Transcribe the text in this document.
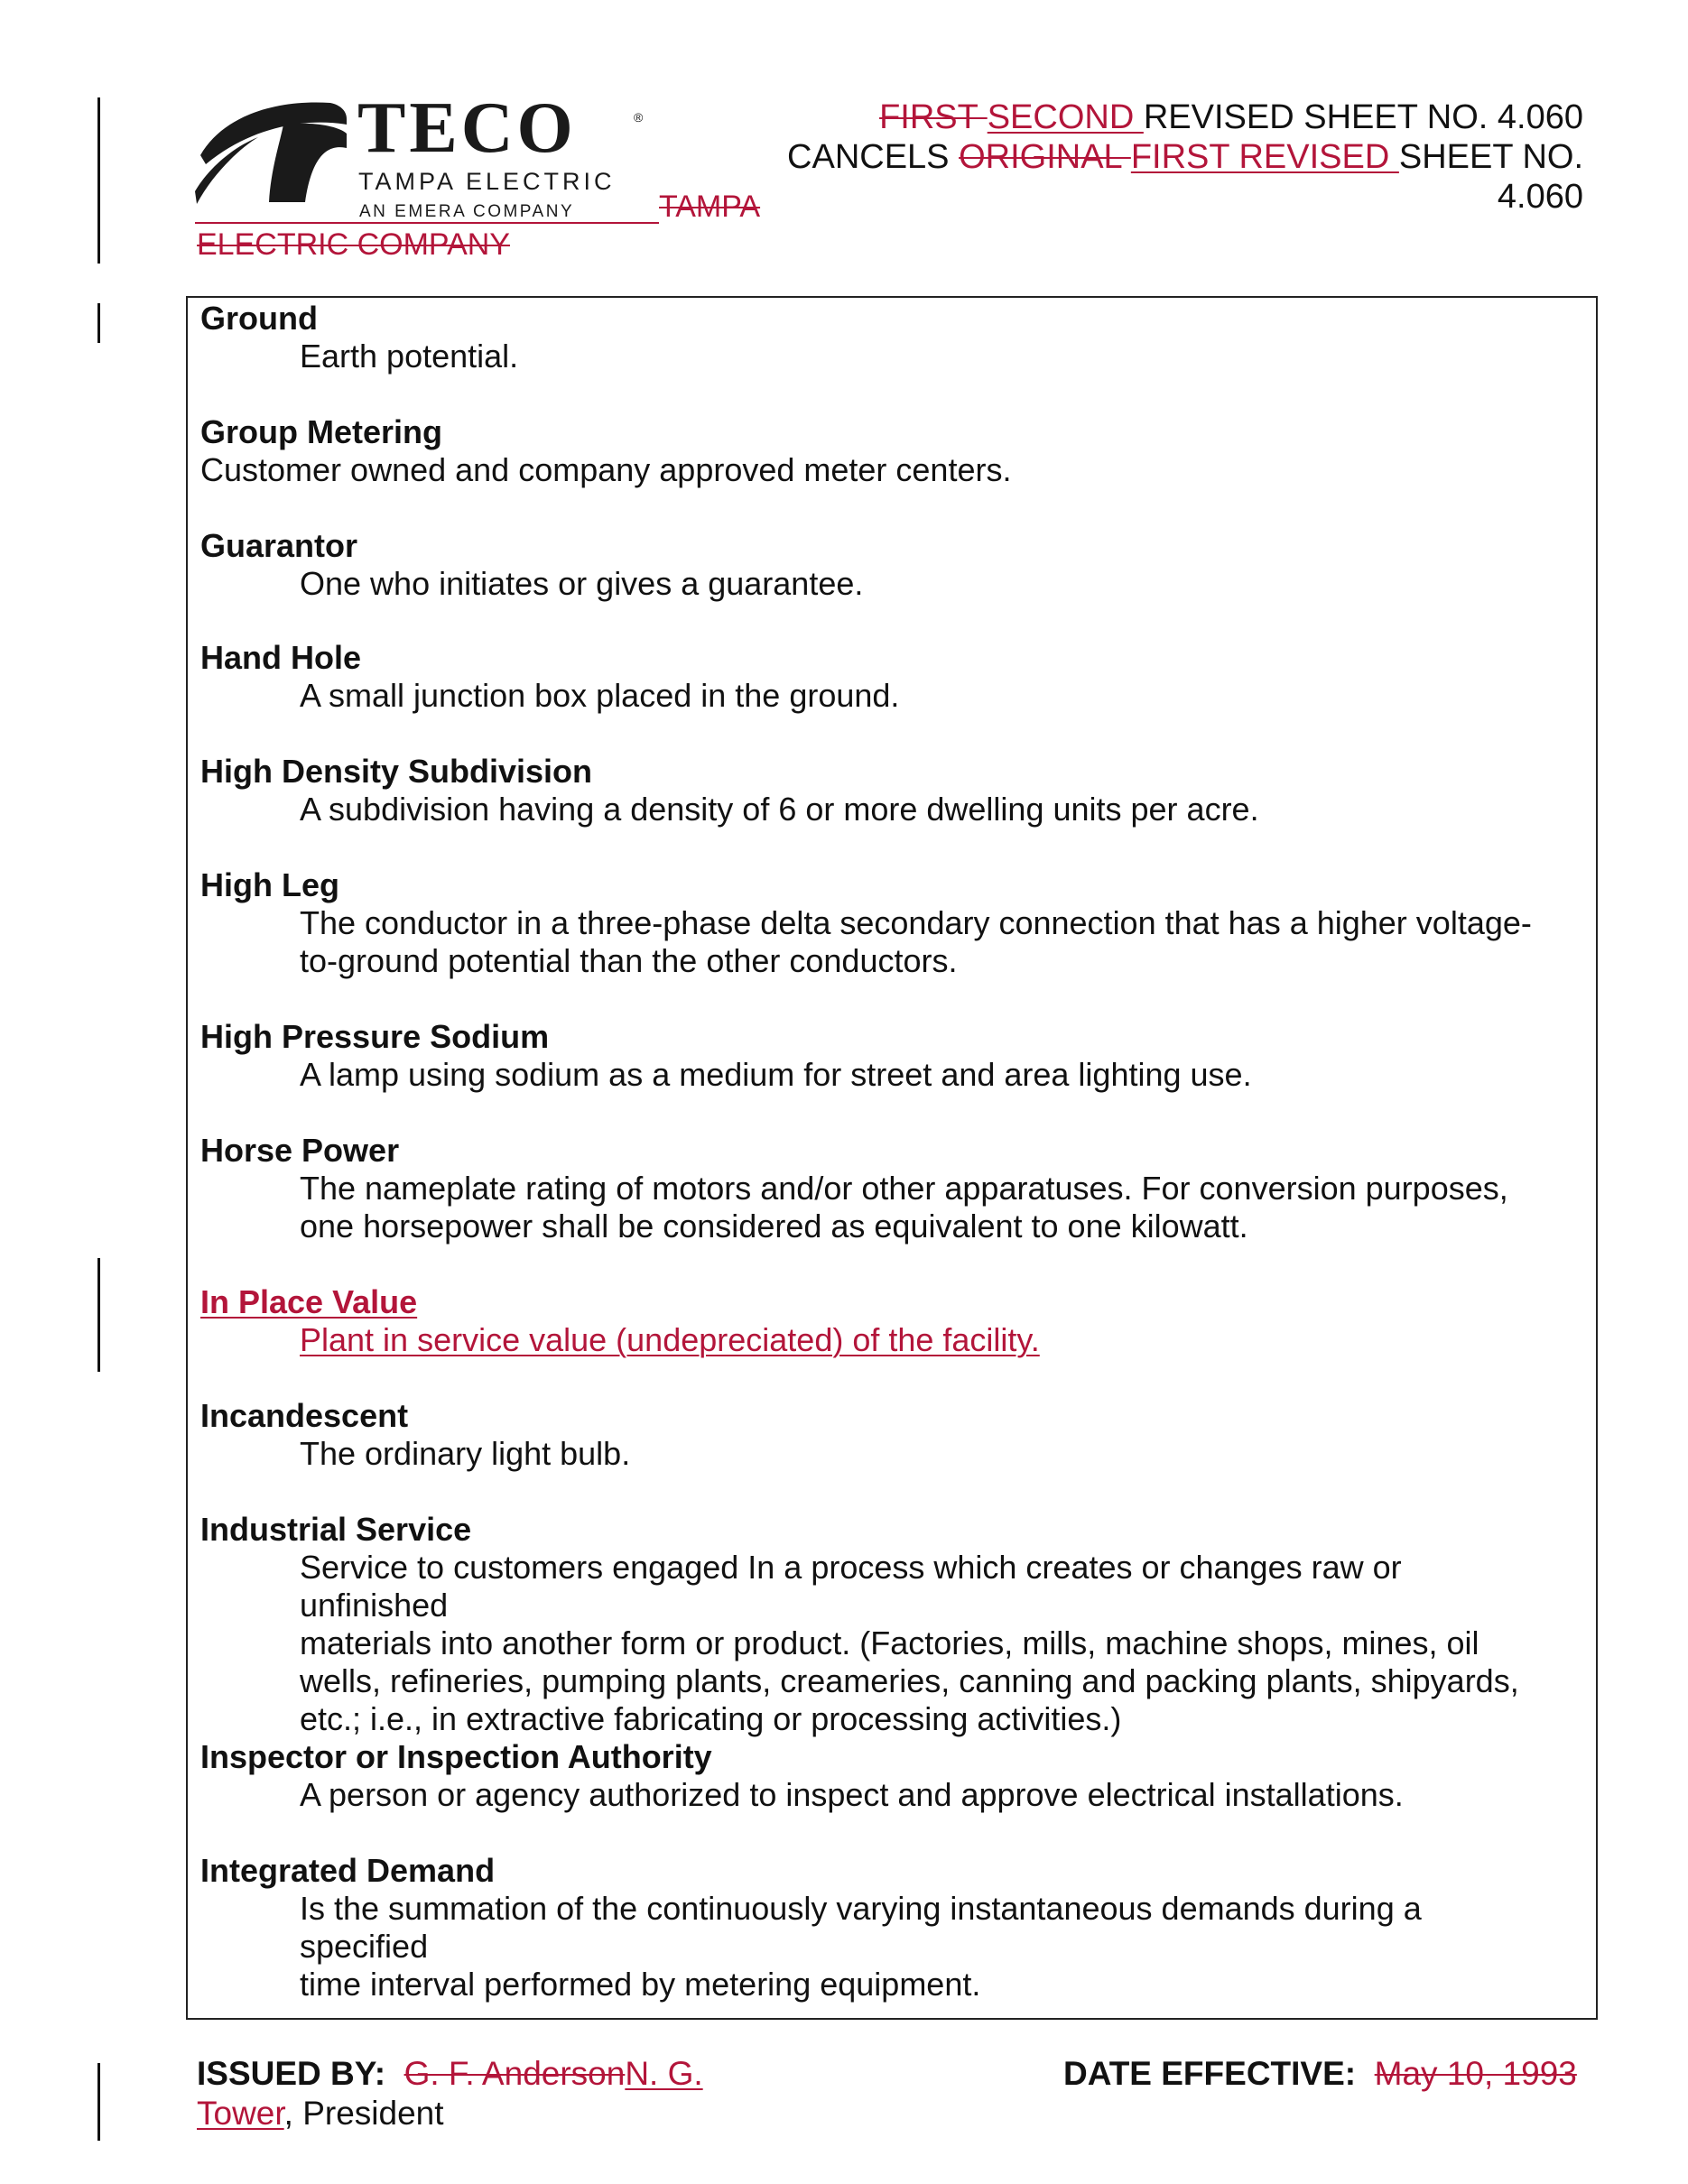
TECO	®
TAMPA ELECTRIC
AN EMERA COMPANY	TAMPA
ELECTRIC COMPANY
FIRST SECOND REVISED SHEET NO. 4.060
CANCELS ORIGINAL FIRST REVISED SHEET NO.
4.060
Ground
Earth potential.
Group Metering
Customer owned and company approved meter centers.
Guarantor
One who initiates or gives a guarantee.
Hand Hole
A small junction box placed in the ground.
High Density Subdivision
A subdivision having a density of 6 or more dwelling units per acre.
High Leg
The conductor in a three-phase delta secondary connection that has a higher voltage-
to-ground potential than the other conductors.
High Pressure Sodium
A lamp using sodium as a medium for street and area lighting use.
Horse Power
The nameplate rating of motors and/or other apparatuses. For conversion purposes,
one horsepower shall be considered as equivalent to one kilowatt.
In Place Value
Plant in service value (undepreciated) of the facility.
Incandescent
The ordinary light bulb.
Industrial Service
Service to customers engaged In a process which creates or changes raw or unfinished
materials into another form or product. (Factories, mills, machine shops, mines, oil
wells, refineries, pumping plants, creameries, canning and packing plants, shipyards,
etc.; i.e., in extractive fabricating or processing activities.)
Inspector or Inspection Authority
A person or agency authorized to inspect and approve electrical installations.
Integrated Demand
Is the summation of the continuously varying instantaneous demands during a specified
time interval performed by metering equipment.
ISSUED BY: G. F. AndersonN. G.
Tower, President
DATE EFFECTIVE: May 10, 1993
